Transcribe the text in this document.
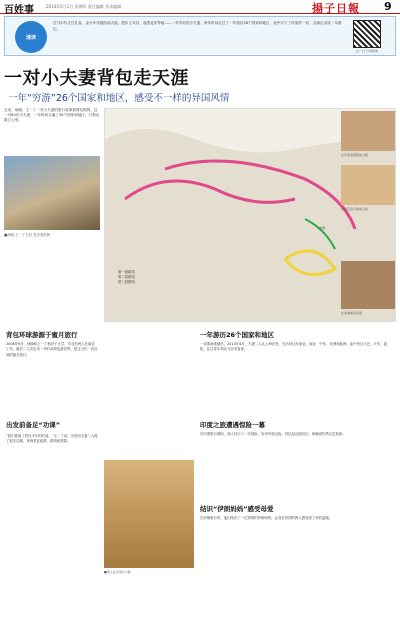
百姓事	2014年5月1日 星期四 责任编辑 美术编辑	揚子日報 9
速读
在马尔代夫红孔雀、金火车穿越西部大陆，漫步土耳其、浪漫北非等地——一对年轻的小夫妻，两年时间走过了一年游历26个国家和地区，途中写下了所见的一切，点滴记录成一本游记。
扫一扫 分享新闻
一对小夫妻背包走天涯
一年“穷游”26个国家和地区，感受不一样的异国风情
近来，徐晓、王一丁一对小夫妻的旅行故事被网友刷屏。这一对80后小夫妻，一年时间走遍了26个国家和地区，行程达数万公里。
■徐晓 王一丁夫妇 受访者供图
中国
在印度泰姬陵前合影
在埃及金字塔前合影
在柬埔寨吴哥窟
第一段路线
第二段路线
第三段路线
背包环球游源于蜜月旅行
2008年9月，徐晓和王一丁相识于大学，毕业后两人在南京工作。婚后二人决定用一年时间背包游世界，把这当作一次迟到的蜜月旅行。
出发前备足“功课”
“我们准备了将近半年的时间。”王一丁说，出发前夫妻二人做了很多功课，查询签证政策、路线和预算。
一年游历26个国家和地区
一切准备就绪后，2013年4月，夫妻二人从上海出发，先后到达东南亚、南亚、中东、非洲和欧洲，途中坐过大巴、火车、渡轮，住过青年旅社与沙发客家。
印度之旅遭遇惊险一幕
在印度旅行期间，两人经历了一次惊险，所幸有惊无险。回忆起这段经历，徐晓说仍然记忆犹新。
结识“伊朗妈妈”感受母爱
在伊朗旅行时，他们结识了一位热情的伊朗妈妈，让身在异国的两人感受到了家的温暖。
■两人在沙漠中合影
